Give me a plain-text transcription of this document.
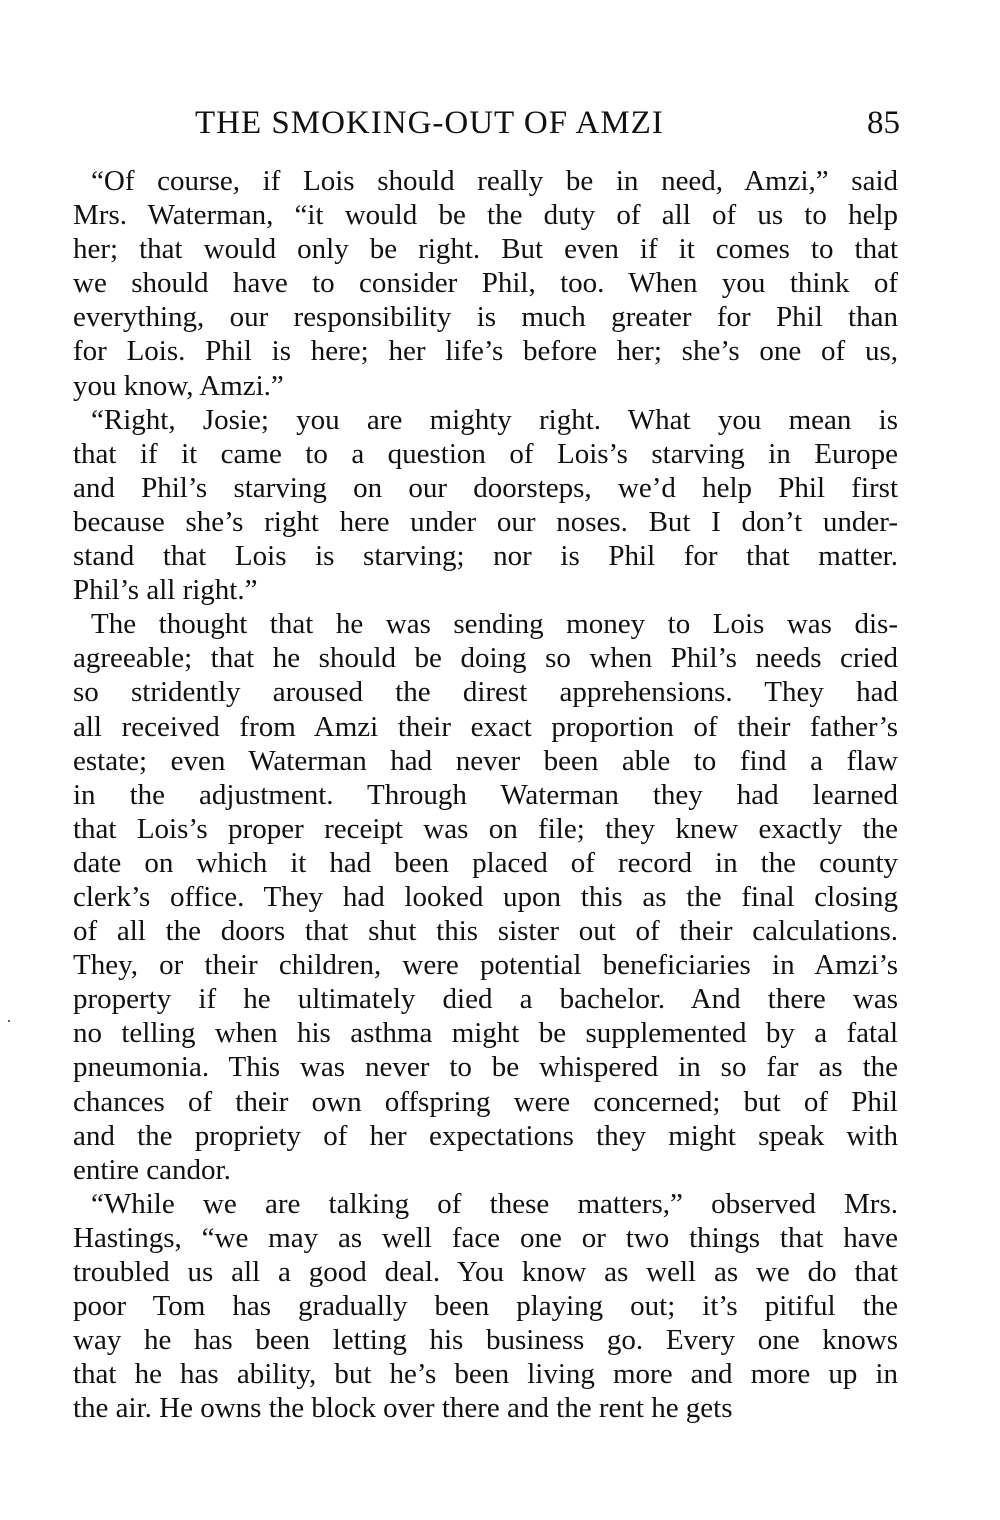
THE SMOKING-OUT OF AMZI	85
“Of course, if Lois should really be in need, Amzi,” said
Mrs. Waterman, “it would be the duty of all of us to help
her; that would only be right. But even if it comes to that
we should have to consider Phil, too. When you think of
everything, our responsibility is much greater for Phil than
for Lois. Phil is here; her life’s before her; she’s one of us,
you know, Amzi.”
“Right, Josie; you are mighty right. What you mean is
that if it came to a question of Lois’s starving in Europe
and Phil’s starving on our doorsteps, we’d help Phil first
because she’s right here under our noses. But I don’t under-
stand that Lois is starving; nor is Phil for that matter.
Phil’s all right.”
The thought that he was sending money to Lois was dis-
agreeable; that he should be doing so when Phil’s needs cried
so stridently aroused the direst apprehensions. They had
all received from Amzi their exact proportion of their father’s
estate; even Waterman had never been able to find a flaw
in the adjustment. Through Waterman they had learned
that Lois’s proper receipt was on file; they knew exactly the
date on which it had been placed of record in the county
clerk’s office. They had looked upon this as the final closing
of all the doors that shut this sister out of their calculations.
They, or their children, were potential beneficiaries in Amzi’s
property if he ultimately died a bachelor. And there was
no telling when his asthma might be supplemented by a fatal
pneumonia. This was never to be whispered in so far as the
chances of their own offspring were concerned; but of Phil
and the propriety of her expectations they might speak with
entire candor.
“While we are talking of these matters,” observed Mrs.
Hastings, “we may as well face one or two things that have
troubled us all a good deal. You know as well as we do that
poor Tom has gradually been playing out; it’s pitiful the
way he has been letting his business go. Every one knows
that he has ability, but he’s been living more and more up in
the air. He owns the block over there and the rent he gets
